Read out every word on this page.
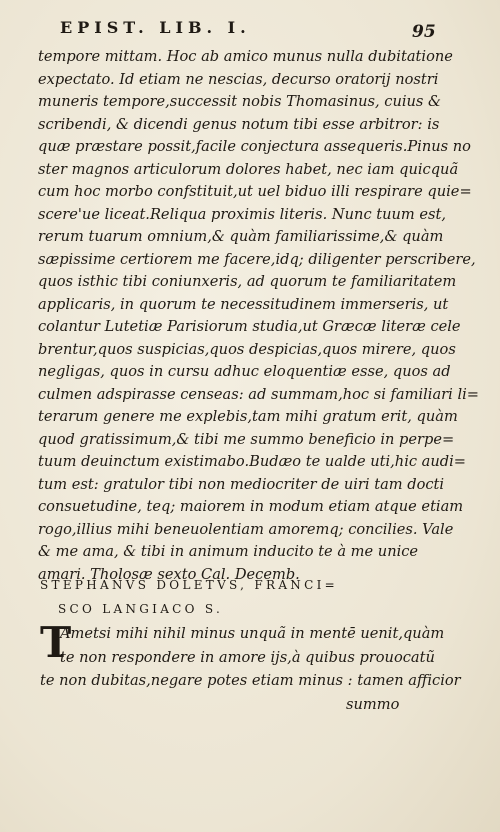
EPIST. LIB. I.	95
tempore mittam. Hoc ab amico munus nulla dubitatione
expectato. Id etiam ne nescias, decurso oratorij nostri
muneris tempore,successit nobis Thomasinus, cuius &
scribendi, & dicendi genus notum tibi esse arbitror: is
quæ præstare possit,facile conjectura assequeris.Pinus no
ster magnos articulorum dolores habet, nec iam quicquã
cum hoc morbo confstituit,ut uel biduo illi respirare quie=
scere'ue liceat.Reliqua proximis literis. Nunc tuum est,
rerum tuarum omnium,& quàm familiarissime,& quàm
sæpissime certiorem me facere,idq; diligenter perscribere,
quos isthic tibi coniunxeris, ad quorum te familiaritatem
applicaris, in quorum te necessitudinem immerseris, ut
colantur Lutetiæ Parisiorum studia,ut Græcæ literæ cele
brentur,quos suspicias,quos despicias,quos mirere, quos
negligas, quos in cursu adhuc eloquentiæ esse, quos ad
culmen adspirasse censeas: ad summam,hoc si familiari li=
terarum genere me explebis,tam mihi gratum erit, quàm
quod gratissimum,& tibi me summo beneficio in perpe=
tuum deuinctum existimabo.Budæo te ualde uti,hic audi=
tum est: gratulor tibi non mediocriter de uiri tam docti
consuetudine, teq; maiorem in modum etiam atque etiam
rogo,illius mihi beneuolentiam amoremq; concilies. Vale
& me ama, & tibi in animum inducito te à me unice
amari. Tholosæ sexto Cal. Decemb.
STEPHANVS DOLETVS, FRANCI=
SCO LANGIACO S.
T
Ametsi mihi nihil minus unquã in mentē uenit,quàm
te non respondere in amore ijs,à quibus prouocatũ
te non dubitas,negare potes etiam minus : tamen afficior
summo
